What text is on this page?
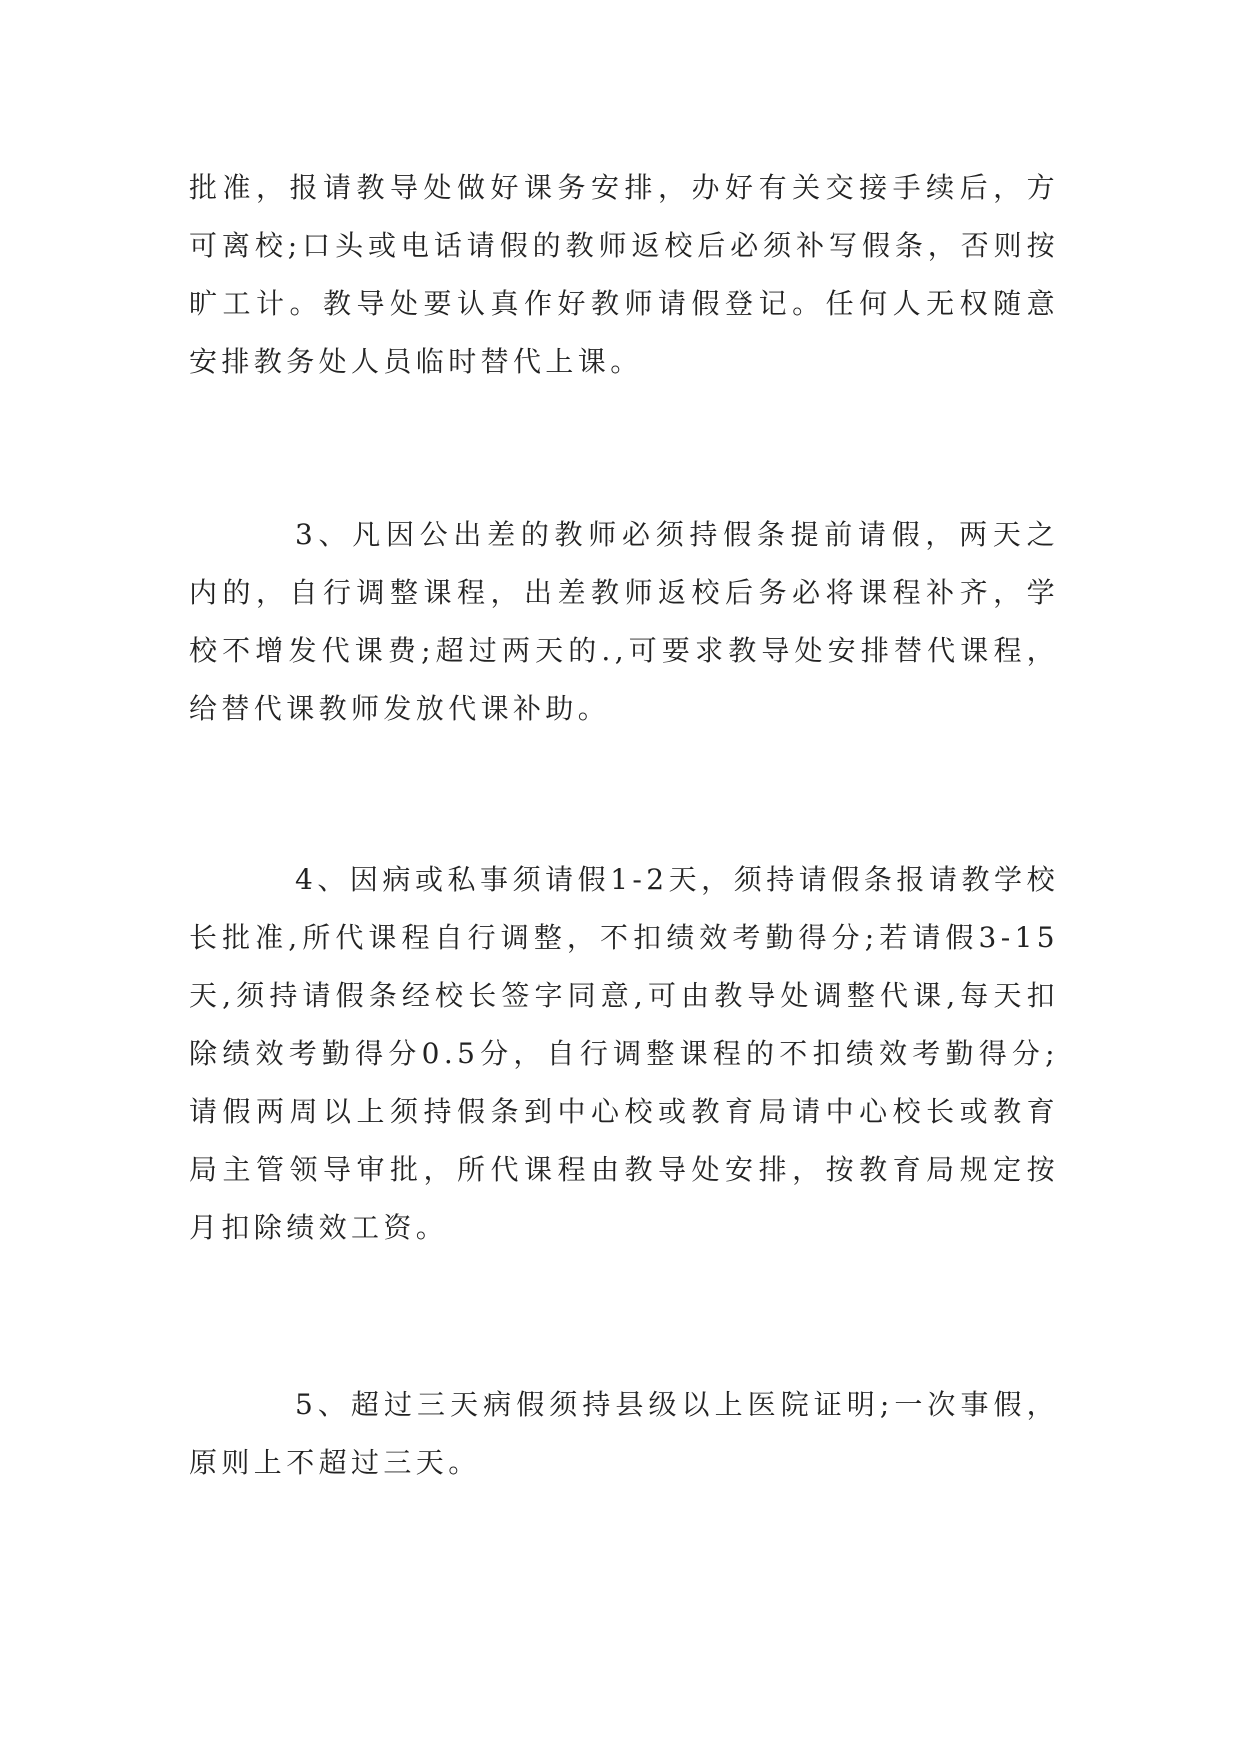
批准，报请教导处做好课务安排，办好有关交接手续后，方可离校;口头或电话请假的教师返校后必须补写假条，否则按旷工计。教导处要认真作好教师请假登记。任何人无权随意安排教务处人员临时替代上课。

3、凡因公出差的教师必须持假条提前请假，两天之内的，自行调整课程，出差教师返校后务必将课程补齐，学校不增发代课费;超过两天的.,可要求教导处安排替代课程，给替代课教师发放代课补助。

4、因病或私事须请假1-2天，须持请假条报请教学校长批准,所代课程自行调整，不扣绩效考勤得分;若请假3-15天,须持请假条经校长签字同意,可由教导处调整代课,每天扣除绩效考勤得分0.5分，自行调整课程的不扣绩效考勤得分;请假两周以上须持假条到中心校或教育局请中心校长或教育局主管领导审批，所代课程由教导处安排，按教育局规定按月扣除绩效工资。

5、超过三天病假须持县级以上医院证明;一次事假，原则上不超过三天。
